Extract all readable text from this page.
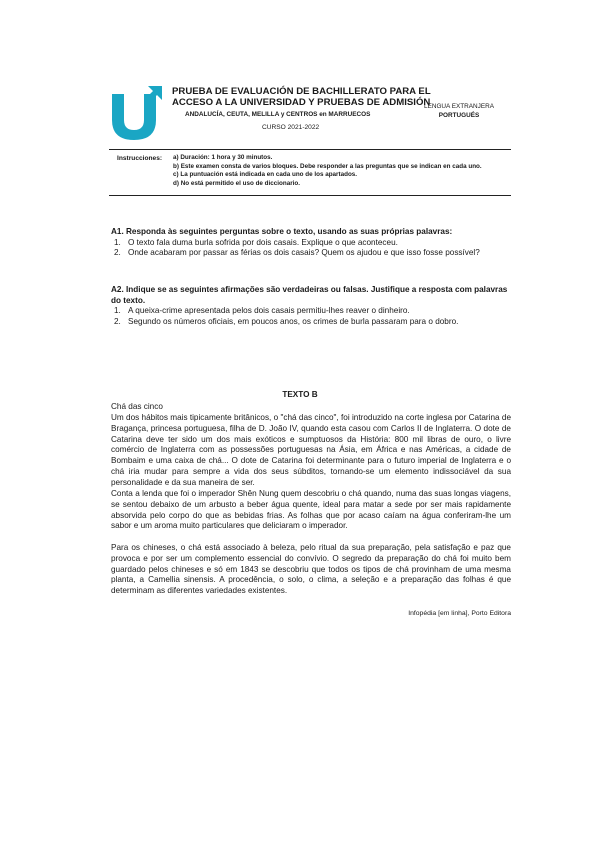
PRUEBA DE EVALUACIÓN DE BACHILLERATO PARA EL
ACCESO A LA UNIVERSIDAD Y PRUEBAS DE ADMISIÓN
ANDALUCÍA, CEUTA, MELILLA y CENTROS en MARRUECOS
CURSO 2021-2022
LENGUA EXTRANJERA
PORTUGUÉS
Instrucciones: a) Duración: 1 hora y 30 minutos.
b) Este examen consta de varios bloques. Debe responder a las preguntas que se indican en cada uno.
c) La puntuación está indicada en cada uno de los apartados.
d) No está permitido el uso de diccionario.
A1. Responda às seguintes perguntas sobre o texto, usando as suas próprias palavras:
1. O texto fala duma burla sofrida por dois casais. Explique o que aconteceu.
2. Onde acabaram por passar as férias os dois casais? Quem os ajudou e que isso fosse possível?
A2. Indique se as seguintes afirmações são verdadeiras ou falsas. Justifique a resposta com palavras do texto.
1. A queixa-crime apresentada pelos dois casais permitiu-lhes reaver o dinheiro.
2. Segundo os números oficiais, em poucos anos, os crimes de burla passaram para o dobro.
TEXTO B
Chá das cinco
Um dos hábitos mais tipicamente britânicos, o "chá das cinco", foi introduzido na corte inglesa por Catarina de Bragança, princesa portuguesa, filha de D. João IV, quando esta casou com Carlos II de Inglaterra. O dote de Catarina deve ter sido um dos mais exóticos e sumptuosos da História: 800 mil libras de ouro, o livre comércio de Inglaterra com as possessões portuguesas na Ásia, em África e nas Américas, a cidade de Bombaim e uma caixa de chá... O dote de Catarina foi determinante para o futuro imperial de Inglaterra e o chá iria mudar para sempre a vida dos seus súbditos, tornando-se um elemento indissociável da sua personalidade e da sua maneira de ser.
Conta a lenda que foi o imperador Shên Nung quem descobriu o chá quando, numa das suas longas viagens, se sentou debaixo de um arbusto a beber água quente, ideal para matar a sede por ser mais rapidamente absorvida pelo corpo do que as bebidas frias. As folhas que por acaso caíam na água conferiram-lhe um sabor e um aroma muito particulares que deliciaram o imperador.
Para os chineses, o chá está associado à beleza, pelo ritual da sua preparação, pela satisfação e paz que provoca e por ser um complemento essencial do convívio. O segredo da preparação do chá foi muito bem guardado pelos chineses e só em 1843 se descobriu que todos os tipos de chá provinham de uma mesma planta, a Camellia sinensis. A procedência, o solo, o clima, a seleção e a preparação das folhas é que determinam as diferentes variedades existentes.
Infopédia [em linha], Porto Editora
